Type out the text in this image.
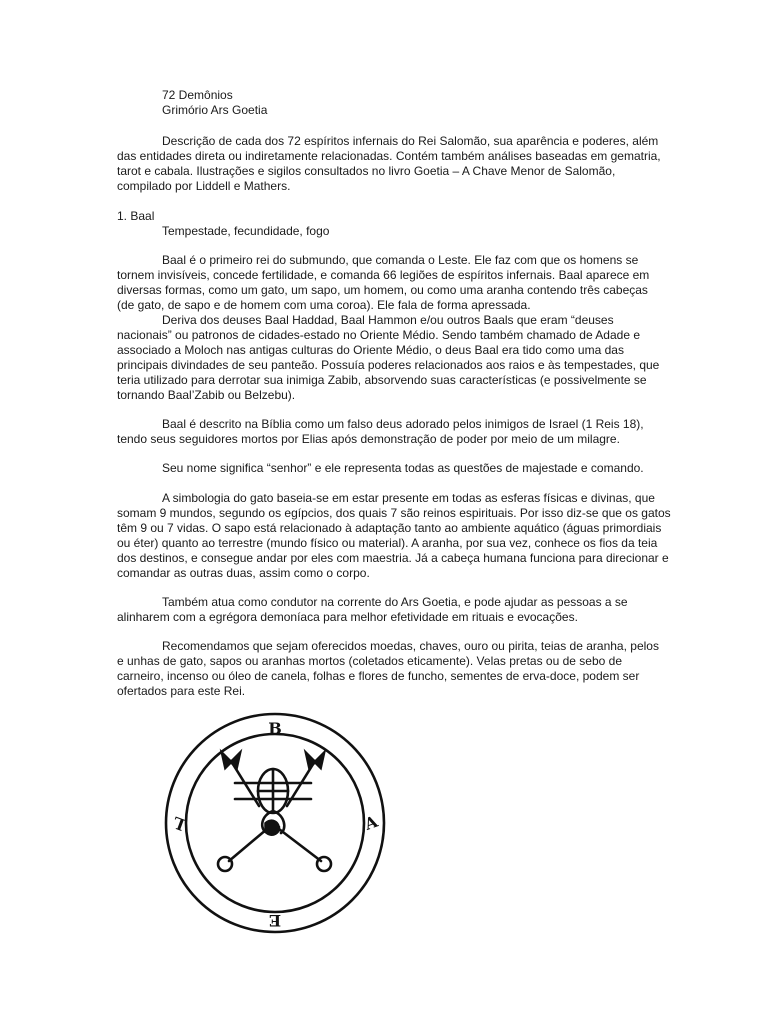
72 Demônios
Grimório Ars Goetia
Descrição de cada dos 72 espíritos infernais do Rei Salomão, sua aparência e poderes, além
das entidades direta ou indiretamente relacionadas. Contém também análises baseadas em gematria,
tarot e cabala. Ilustrações e sigilos consultados no livro Goetia – A Chave Menor de Salomão,
compilado por Liddell e Mathers.
1. Baal
Tempestade, fecundidade, fogo
Baal é o primeiro rei do submundo, que comanda o Leste. Ele faz com que os homens se
tornem invisíveis, concede fertilidade, e comanda 66 legiões de espíritos infernais. Baal aparece em
diversas formas, como um gato, um sapo, um homem, ou como uma aranha contendo três cabeças
(de gato, de sapo e de homem com uma coroa). Ele fala de forma apressada.
Deriva dos deuses Baal Haddad, Baal Hammon e/ou outros Baals que eram “deuses
nacionais” ou patronos de cidades-estado no Oriente Médio. Sendo também chamado de Adade e
associado a Moloch nas antigas culturas do Oriente Médio, o deus Baal era tido como uma das
principais divindades de seu panteão. Possuía poderes relacionados aos raios e às tempestades, que
teria utilizado para derrotar sua inimiga Zabib, absorvendo suas características (e possivelmente se
tornando Baal’Zabib ou Belzebu).
Baal é descrito na Bíblia como um falso deus adorado pelos inimigos de Israel (1 Reis 18),
tendo seus seguidores mortos por Elias após demonstração de poder por meio de um milagre.
Seu nome significa “senhor” e ele representa todas as questões de majestade e comando.
A simbologia do gato baseia-se em estar presente em todas as esferas físicas e divinas, que
somam 9 mundos, segundo os egípcios, dos quais 7 são reinos espirituais. Por isso diz-se que os gatos
têm 9 ou 7 vidas. O sapo está relacionado à adaptação tanto ao ambiente aquático (águas primordiais
ou éter) quanto ao terrestre (mundo físico ou material). A aranha, por sua vez, conhece os fios da teia
dos destinos, e consegue andar por eles com maestria. Já a cabeça humana funciona para direcionar e
comandar as outras duas, assim como o corpo.
Também atua como condutor na corrente do Ars Goetia, e pode ajudar as pessoas a se
alinharem com a egrégora demoníaca para melhor efetividade em rituais e evocações.
Recomendamos que sejam oferecidos moedas, chaves, ouro ou pirita, teias de aranha, pelos
e unhas de gato, sapos ou aranhas mortos (coletados eticamente). Velas pretas ou de sebo de
carneiro, incenso ou óleo de canela, folhas e flores de funcho, sementes de erva-doce, podem ser
ofertados para este Rei.
B
A
E
L
